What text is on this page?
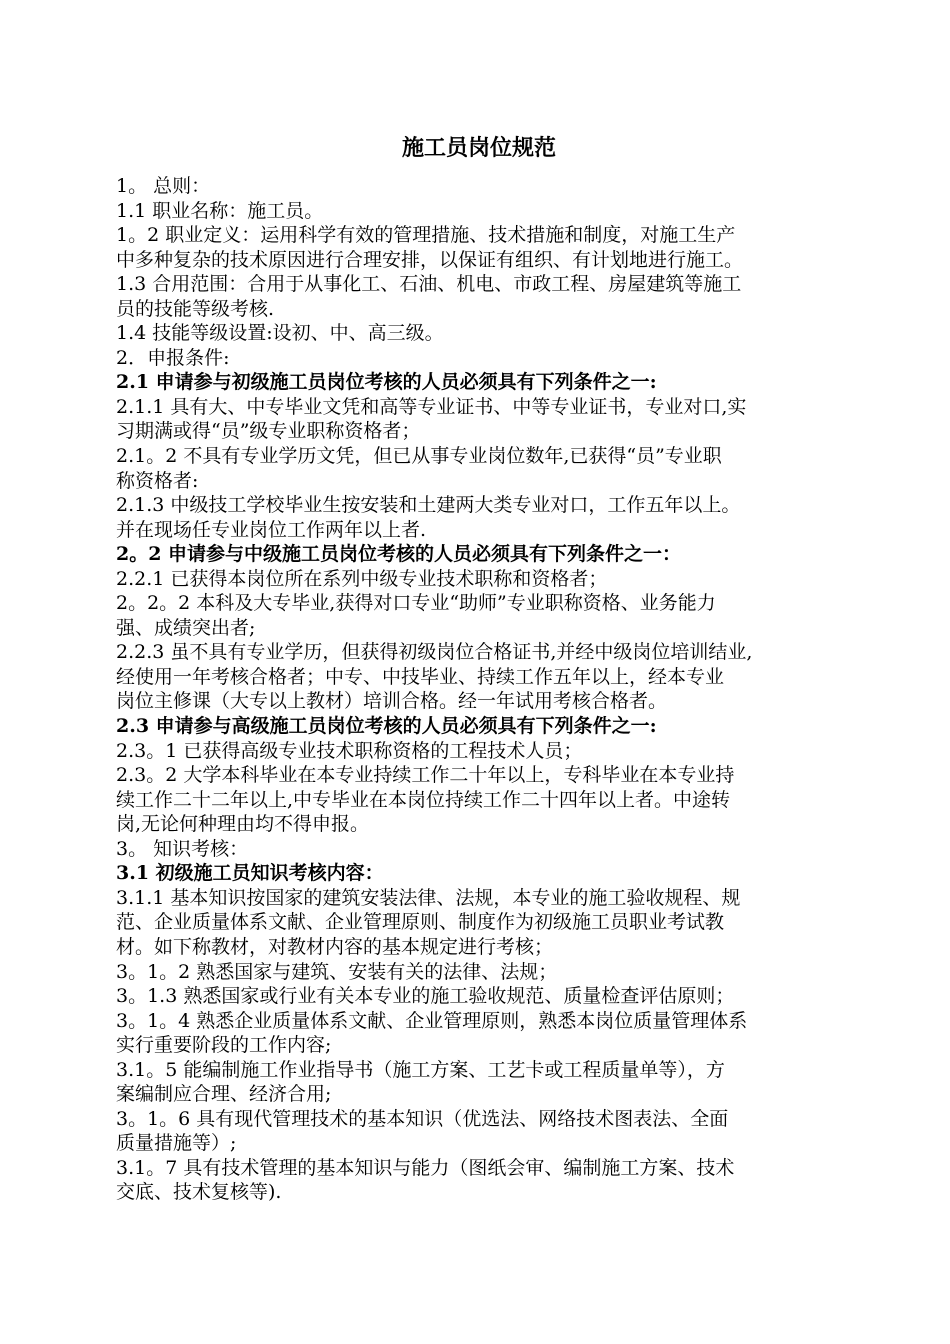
施工员岗位规范
1。 总则：
1.1 职业名称：施工员。
1。2 职业定义：运用科学有效的管理措施、技术措施和制度，对施工生产
中多种复杂的技术原因进行合理安排，以保证有组织、有计划地进行施工。
1.3 合用范围：合用于从事化工、石油、机电、市政工程、房屋建筑等施工
员的技能等级考核.
1.4 技能等级设置:设初、中、高三级。
2．申报条件:
2.1 申请参与初级施工员岗位考核的人员必须具有下列条件之一:
2.1.1 具有大、中专毕业文凭和高等专业证书、中等专业证书，专业对口,实
习期满或得“员”级专业职称资格者；
2.1。2 不具有专业学历文凭，但已从事专业岗位数年,已获得“员”专业职
称资格者:
2.1.3 中级技工学校毕业生按安装和土建两大类专业对口，工作五年以上。
并在现场任专业岗位工作两年以上者.
2。2 申请参与中级施工员岗位考核的人员必须具有下列条件之一：
2.2.1 已获得本岗位所在系列中级专业技术职称和资格者；
2。2。2 本科及大专毕业,获得对口专业“助师”专业职称资格、业务能力
强、成绩突出者;
2.2.3 虽不具有专业学历，但获得初级岗位合格证书,并经中级岗位培训结业,
经使用一年考核合格者；中专、中技毕业、持续工作五年以上，经本专业
岗位主修课（大专以上教材）培训合格。经一年试用考核合格者。
2.3 申请参与高级施工员岗位考核的人员必须具有下列条件之一:
2.3。1 已获得高级专业技术职称资格的工程技术人员；
2.3。2 大学本科毕业在本专业持续工作二十年以上，专科毕业在本专业持
续工作二十二年以上,中专毕业在本岗位持续工作二十四年以上者。中途转
岗,无论何种理由均不得申报。
3。 知识考核：
3.1 初级施工员知识考核内容：
3.1.1 基本知识按国家的建筑安装法律、法规，本专业的施工验收规程、规
范、企业质量体系文献、企业管理原则、制度作为初级施工员职业考试教
材。如下称教材，对教材内容的基本规定进行考核；
3。1。2 熟悉国家与建筑、安装有关的法律、法规；
3。1.3 熟悉国家或行业有关本专业的施工验收规范、质量检查评估原则；
3。1。4 熟悉企业质量体系文献、企业管理原则，熟悉本岗位质量管理体系
实行重要阶段的工作内容;
3.1。5 能编制施工作业指导书（施工方案、工艺卡或工程质量单等），方
案编制应合理、经济合用;
3。1。6 具有现代管理技术的基本知识（优选法、网络技术图表法、全面
质量措施等）;
3.1。7 具有技术管理的基本知识与能力（图纸会审、编制施工方案、技术
交底、技术复核等).
